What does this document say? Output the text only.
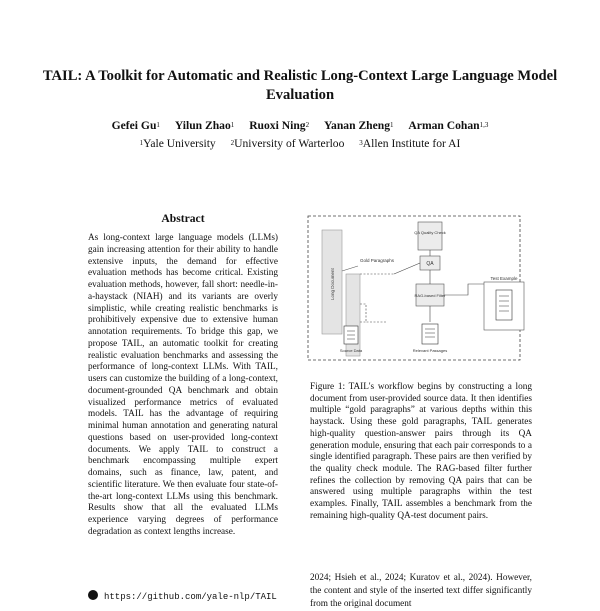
TAIL: A Toolkit for Automatic and Realistic Long-Context Large Language Model Evaluation
Gefei Gu$^1$ Yilun Zhao$^1$ Ruoxi Ning$^2$ Yanan Zheng$^1$ Arman Cohan$^{1,3}$
$^1$Yale University $^2$University of Warterloo $^3$Allen Institute for AI
Abstract
As long-context large language models (LLMs) gain increasing attention for their ability to handle extensive inputs, the demand for effective evaluation methods has become critical. Existing evaluation methods, however, fall short: needle-in-a-haystack (NIAH) and its variants are overly simplistic, while creating realistic benchmarks is prohibitively expensive due to extensive human annotation requirements. To bridge this gap, we propose TAIL, an automatic toolkit for creating realistic evaluation benchmarks and assessing the performance of long-context LLMs. With TAIL, users can customize the building of a long-context, document-grounded QA benchmark and obtain visualized performance metrics of evaluated models. TAIL has the advantage of requiring minimal human annotation and generating natural questions based on user-provided long-context documents. We apply TAIL to construct a benchmark encompassing multiple expert domains, such as finance, law, patent, and scientific literature. We then evaluate four state-of-the-art long-context LLMs using this benchmark. Results show that all the evaluated LLMs experience varying degrees of performance degradation as context lengths increase.
https://github.com/yale-nlp/TAIL
Long Document
Gold Paragraphs
QA Quality Check
QA
RAG-based Filter
Source Data	Relevant Passages
Test Example
Figure 1: TAIL's workflow begins by constructing a long document from user-provided source data. It then identifies multiple “gold paragraphs” at various depths within this haystack. Using these gold paragraphs, TAIL generates high-quality question-answer pairs through its QA generation module, ensuring that each pair corresponds to a single identified paragraph. These pairs are then verified by the quality check module. The RAG-based filter further refines the collection by removing QA pairs that can be answered using multiple paragraphs within the test examples. Finally, TAIL assembles a benchmark from the remaining high-quality QA-test document pairs.
2024; Hsieh et al., 2024; Kuratov et al., 2024). However, the content and style of the inserted text differ significantly from the original document
